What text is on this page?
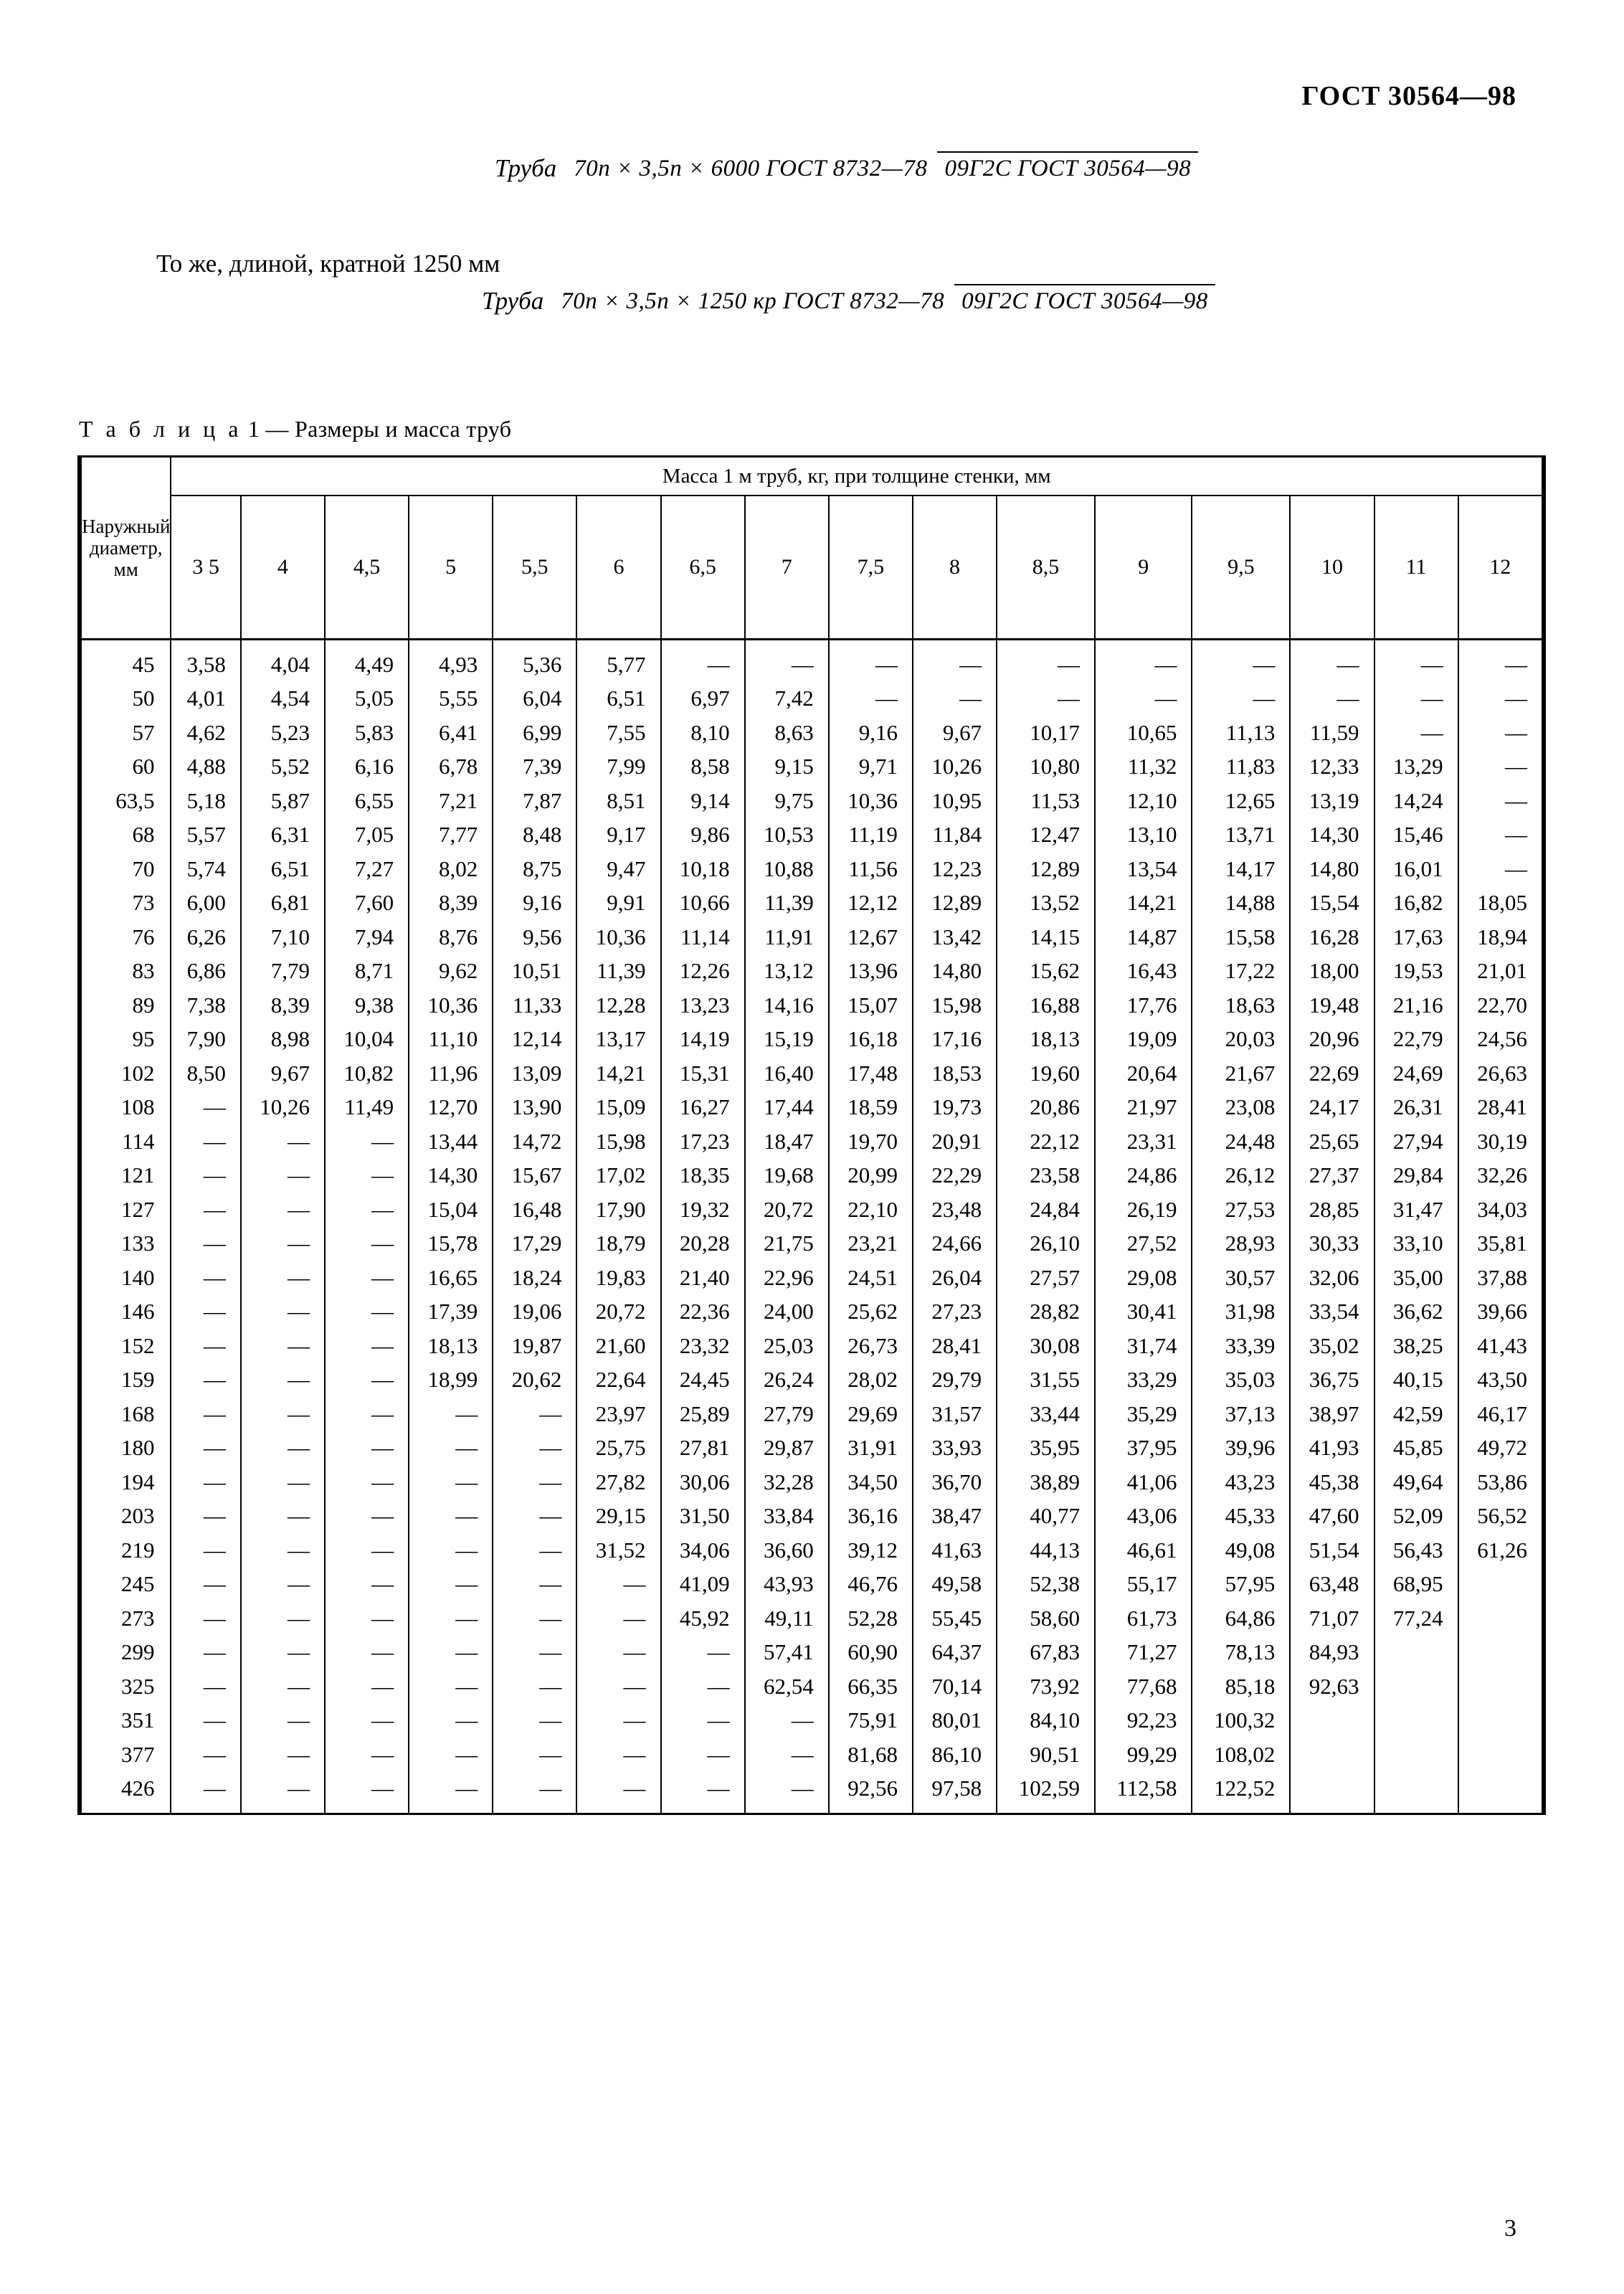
ГОСТ 30564—98
Труба 70n × 3,5n × 6000 ГОСТ 8732—78 09Г2С ГОСТ 30564—98
То же, длиной, кратной 1250 мм
Труба 70n × 3,5n × 1250 кр ГОСТ 8732—78 09Г2С ГОСТ 30564—98
Т а б л и ц а 1 — Размеры и масса труб
Наружный диаметр, мм	Масса 1 м труб, кг, при толщине стенки, мм															
	3 5	4	4,5	5	5,5	6	6,5	7	7,5	8	8,5	9	9,5	10	11	12
45	3,58	4,04	4,49	4,93	5,36	5,77	—	—	—	—	—	—	—	—	—	—
50	4,01	4,54	5,05	5,55	6,04	6,51	6,97	7,42	—	—	—	—	—	—	—	—
57	4,62	5,23	5,83	6,41	6,99	7,55	8,10	8,63	9,16	9,67	10,17	10,65	11,13	11,59	—	—
60	4,88	5,52	6,16	6,78	7,39	7,99	8,58	9,15	9,71	10,26	10,80	11,32	11,83	12,33	13,29	—
63,5	5,18	5,87	6,55	7,21	7,87	8,51	9,14	9,75	10,36	10,95	11,53	12,10	12,65	13,19	14,24	—
68	5,57	6,31	7,05	7,77	8,48	9,17	9,86	10,53	11,19	11,84	12,47	13,10	13,71	14,30	15,46	—
70	5,74	6,51	7,27	8,02	8,75	9,47	10,18	10,88	11,56	12,23	12,89	13,54	14,17	14,80	16,01	—
73	6,00	6,81	7,60	8,39	9,16	9,91	10,66	11,39	12,12	12,89	13,52	14,21	14,88	15,54	16,82	18,05
76	6,26	7,10	7,94	8,76	9,56	10,36	11,14	11,91	12,67	13,42	14,15	14,87	15,58	16,28	17,63	18,94
83	6,86	7,79	8,71	9,62	10,51	11,39	12,26	13,12	13,96	14,80	15,62	16,43	17,22	18,00	19,53	21,01
89	7,38	8,39	9,38	10,36	11,33	12,28	13,23	14,16	15,07	15,98	16,88	17,76	18,63	19,48	21,16	22,70
95	7,90	8,98	10,04	11,10	12,14	13,17	14,19	15,19	16,18	17,16	18,13	19,09	20,03	20,96	22,79	24,56
102	8,50	9,67	10,82	11,96	13,09	14,21	15,31	16,40	17,48	18,53	19,60	20,64	21,67	22,69	24,69	26,63
108	—	10,26	11,49	12,70	13,90	15,09	16,27	17,44	18,59	19,73	20,86	21,97	23,08	24,17	26,31	28,41
114	—	—	—	13,44	14,72	15,98	17,23	18,47	19,70	20,91	22,12	23,31	24,48	25,65	27,94	30,19
121	—	—	—	14,30	15,67	17,02	18,35	19,68	20,99	22,29	23,58	24,86	26,12	27,37	29,84	32,26
127	—	—	—	15,04	16,48	17,90	19,32	20,72	22,10	23,48	24,84	26,19	27,53	28,85	31,47	34,03
133	—	—	—	15,78	17,29	18,79	20,28	21,75	23,21	24,66	26,10	27,52	28,93	30,33	33,10	35,81
140	—	—	—	16,65	18,24	19,83	21,40	22,96	24,51	26,04	27,57	29,08	30,57	32,06	35,00	37,88
146	—	—	—	17,39	19,06	20,72	22,36	24,00	25,62	27,23	28,82	30,41	31,98	33,54	36,62	39,66
152	—	—	—	18,13	19,87	21,60	23,32	25,03	26,73	28,41	30,08	31,74	33,39	35,02	38,25	41,43
159	—	—	—	18,99	20,62	22,64	24,45	26,24	28,02	29,79	31,55	33,29	35,03	36,75	40,15	43,50
168	—	—	—	—	—	23,97	25,89	27,79	29,69	31,57	33,44	35,29	37,13	38,97	42,59	46,17
180	—	—	—	—	—	25,75	27,81	29,87	31,91	33,93	35,95	37,95	39,96	41,93	45,85	49,72
194	—	—	—	—	—	27,82	30,06	32,28	34,50	36,70	38,89	41,06	43,23	45,38	49,64	53,86
203	—	—	—	—	—	29,15	31,50	33,84	36,16	38,47	40,77	43,06	45,33	47,60	52,09	56,52
219	—	—	—	—	—	31,52	34,06	36,60	39,12	41,63	44,13	46,61	49,08	51,54	56,43	61,26
245	—	—	—	—	—	—	41,09	43,93	46,76	49,58	52,38	55,17	57,95	63,48	68,95	
273	—	—	—	—	—	—	45,92	49,11	52,28	55,45	58,60	61,73	64,86	71,07	77,24	
299	—	—	—	—	—	—	—	57,41	60,90	64,37	67,83	71,27	78,13	84,93		
325	—	—	—	—	—	—	—	62,54	66,35	70,14	73,92	77,68	85,18	92,63		
351	—	—	—	—	—	—	—	—	75,91	80,01	84,10	92,23	100,32			
377	—	—	—	—	—	—	—	—	81,68	86,10	90,51	99,29	108,02			
426	—	—	—	—	—	—	—	—	92,56	97,58	102,59	112,58	122,52			
3
